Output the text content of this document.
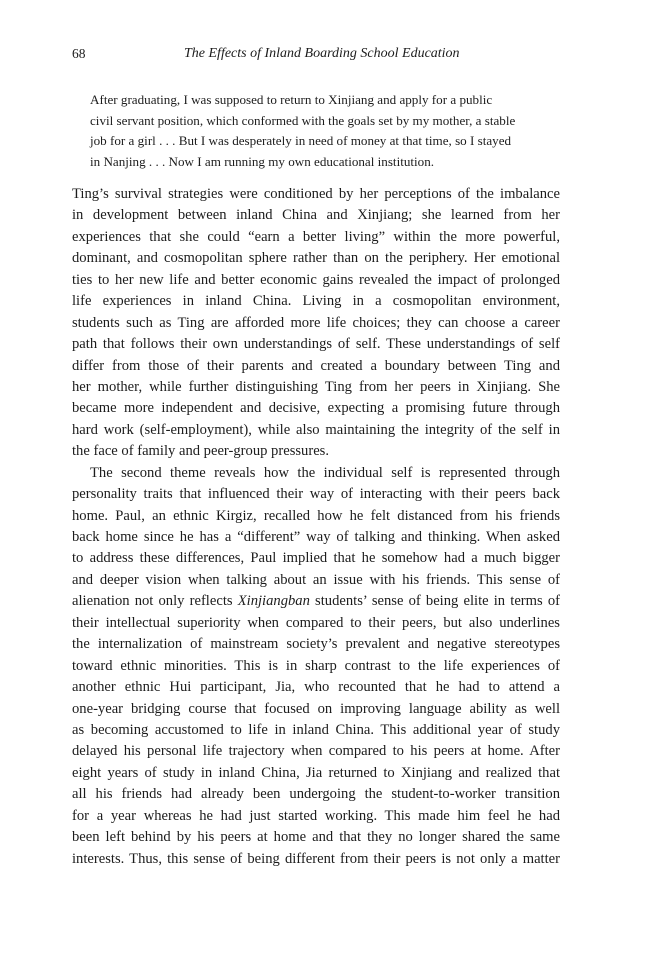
68	The Effects of Inland Boarding School Education
After graduating, I was supposed to return to Xinjiang and apply for a public
civil servant position, which conformed with the goals set by my mother, a stable
job for a girl . . . But I was desperately in need of money at that time, so I stayed
in Nanjing . . . Now I am running my own educational institution.
Ting’s survival strategies were conditioned by her perceptions of the imbalance
in development between inland China and Xinjiang; she learned from her
experiences that she could “earn a better living” within the more powerful,
dominant, and cosmopolitan sphere rather than on the periphery. Her emotional
ties to her new life and better economic gains revealed the impact of prolonged
life experiences in inland China. Living in a cosmopolitan environment,
students such as Ting are afforded more life choices; they can choose a career
path that follows their own understandings of self. These understandings of self
differ from those of their parents and created a boundary between Ting and
her mother, while further distinguishing Ting from her peers in Xinjiang. She
became more independent and decisive, expecting a promising future through
hard work (self-employment), while also maintaining the integrity of the self in
the face of family and peer-group pressures.
The second theme reveals how the individual self is represented through
personality traits that influenced their way of interacting with their peers back
home. Paul, an ethnic Kirgiz, recalled how he felt distanced from his friends
back home since he has a “different” way of talking and thinking. When asked
to address these differences, Paul implied that he somehow had a much bigger
and deeper vision when talking about an issue with his friends. This sense of
alienation not only reflects Xinjiangban students’ sense of being elite in terms of
their intellectual superiority when compared to their peers, but also underlines
the internalization of mainstream society’s prevalent and negative stereotypes
toward ethnic minorities. This is in sharp contrast to the life experiences of
another ethnic Hui participant, Jia, who recounted that he had to attend a
one-year bridging course that focused on improving language ability as well
as becoming accustomed to life in inland China. This additional year of study
delayed his personal life trajectory when compared to his peers at home. After
eight years of study in inland China, Jia returned to Xinjiang and realized that
all his friends had already been undergoing the student-to-worker transition
for a year whereas he had just started working. This made him feel he had
been left behind by his peers at home and that they no longer shared the same
interests. Thus, this sense of being different from their peers is not only a matter
